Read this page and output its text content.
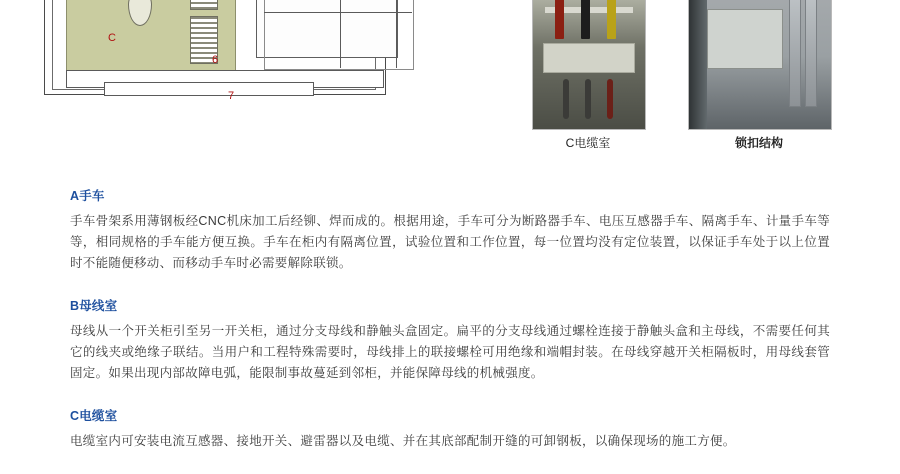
C
6
7
C电缆室	锁扣结构
A手车
手车骨架系用薄钢板经CNC机床加工后经铆、焊而成的。根据用途，手车可分为断路器手车、电压互感器手车、隔离手车、计量手车等等，相同规格的手车能方便互换。手车在柜内有隔离位置，试验位置和工作位置，每一位置均没有定位装置，以保证手车处于以上位置时不能随便移动、而移动手车时必需要解除联锁。
B母线室
母线从一个开关柜引至另一开关柜，通过分支母线和静触头盒固定。扁平的分支母线通过螺栓连接于静触头盒和主母线，不需要任何其它的线夹或绝缘子联结。当用户和工程特殊需要时，母线排上的联接螺栓可用绝缘和端帽封装。在母线穿越开关柜隔板时，用母线套管固定。如果出现内部故障电弧，能限制事故蔓延到邻柜，并能保障母线的机械强度。
C电缆室
电缆室内可安装电流互感器、接地开关、避雷器以及电缆、并在其底部配制开缝的可卸钢板，以确保现场的施工方便。
